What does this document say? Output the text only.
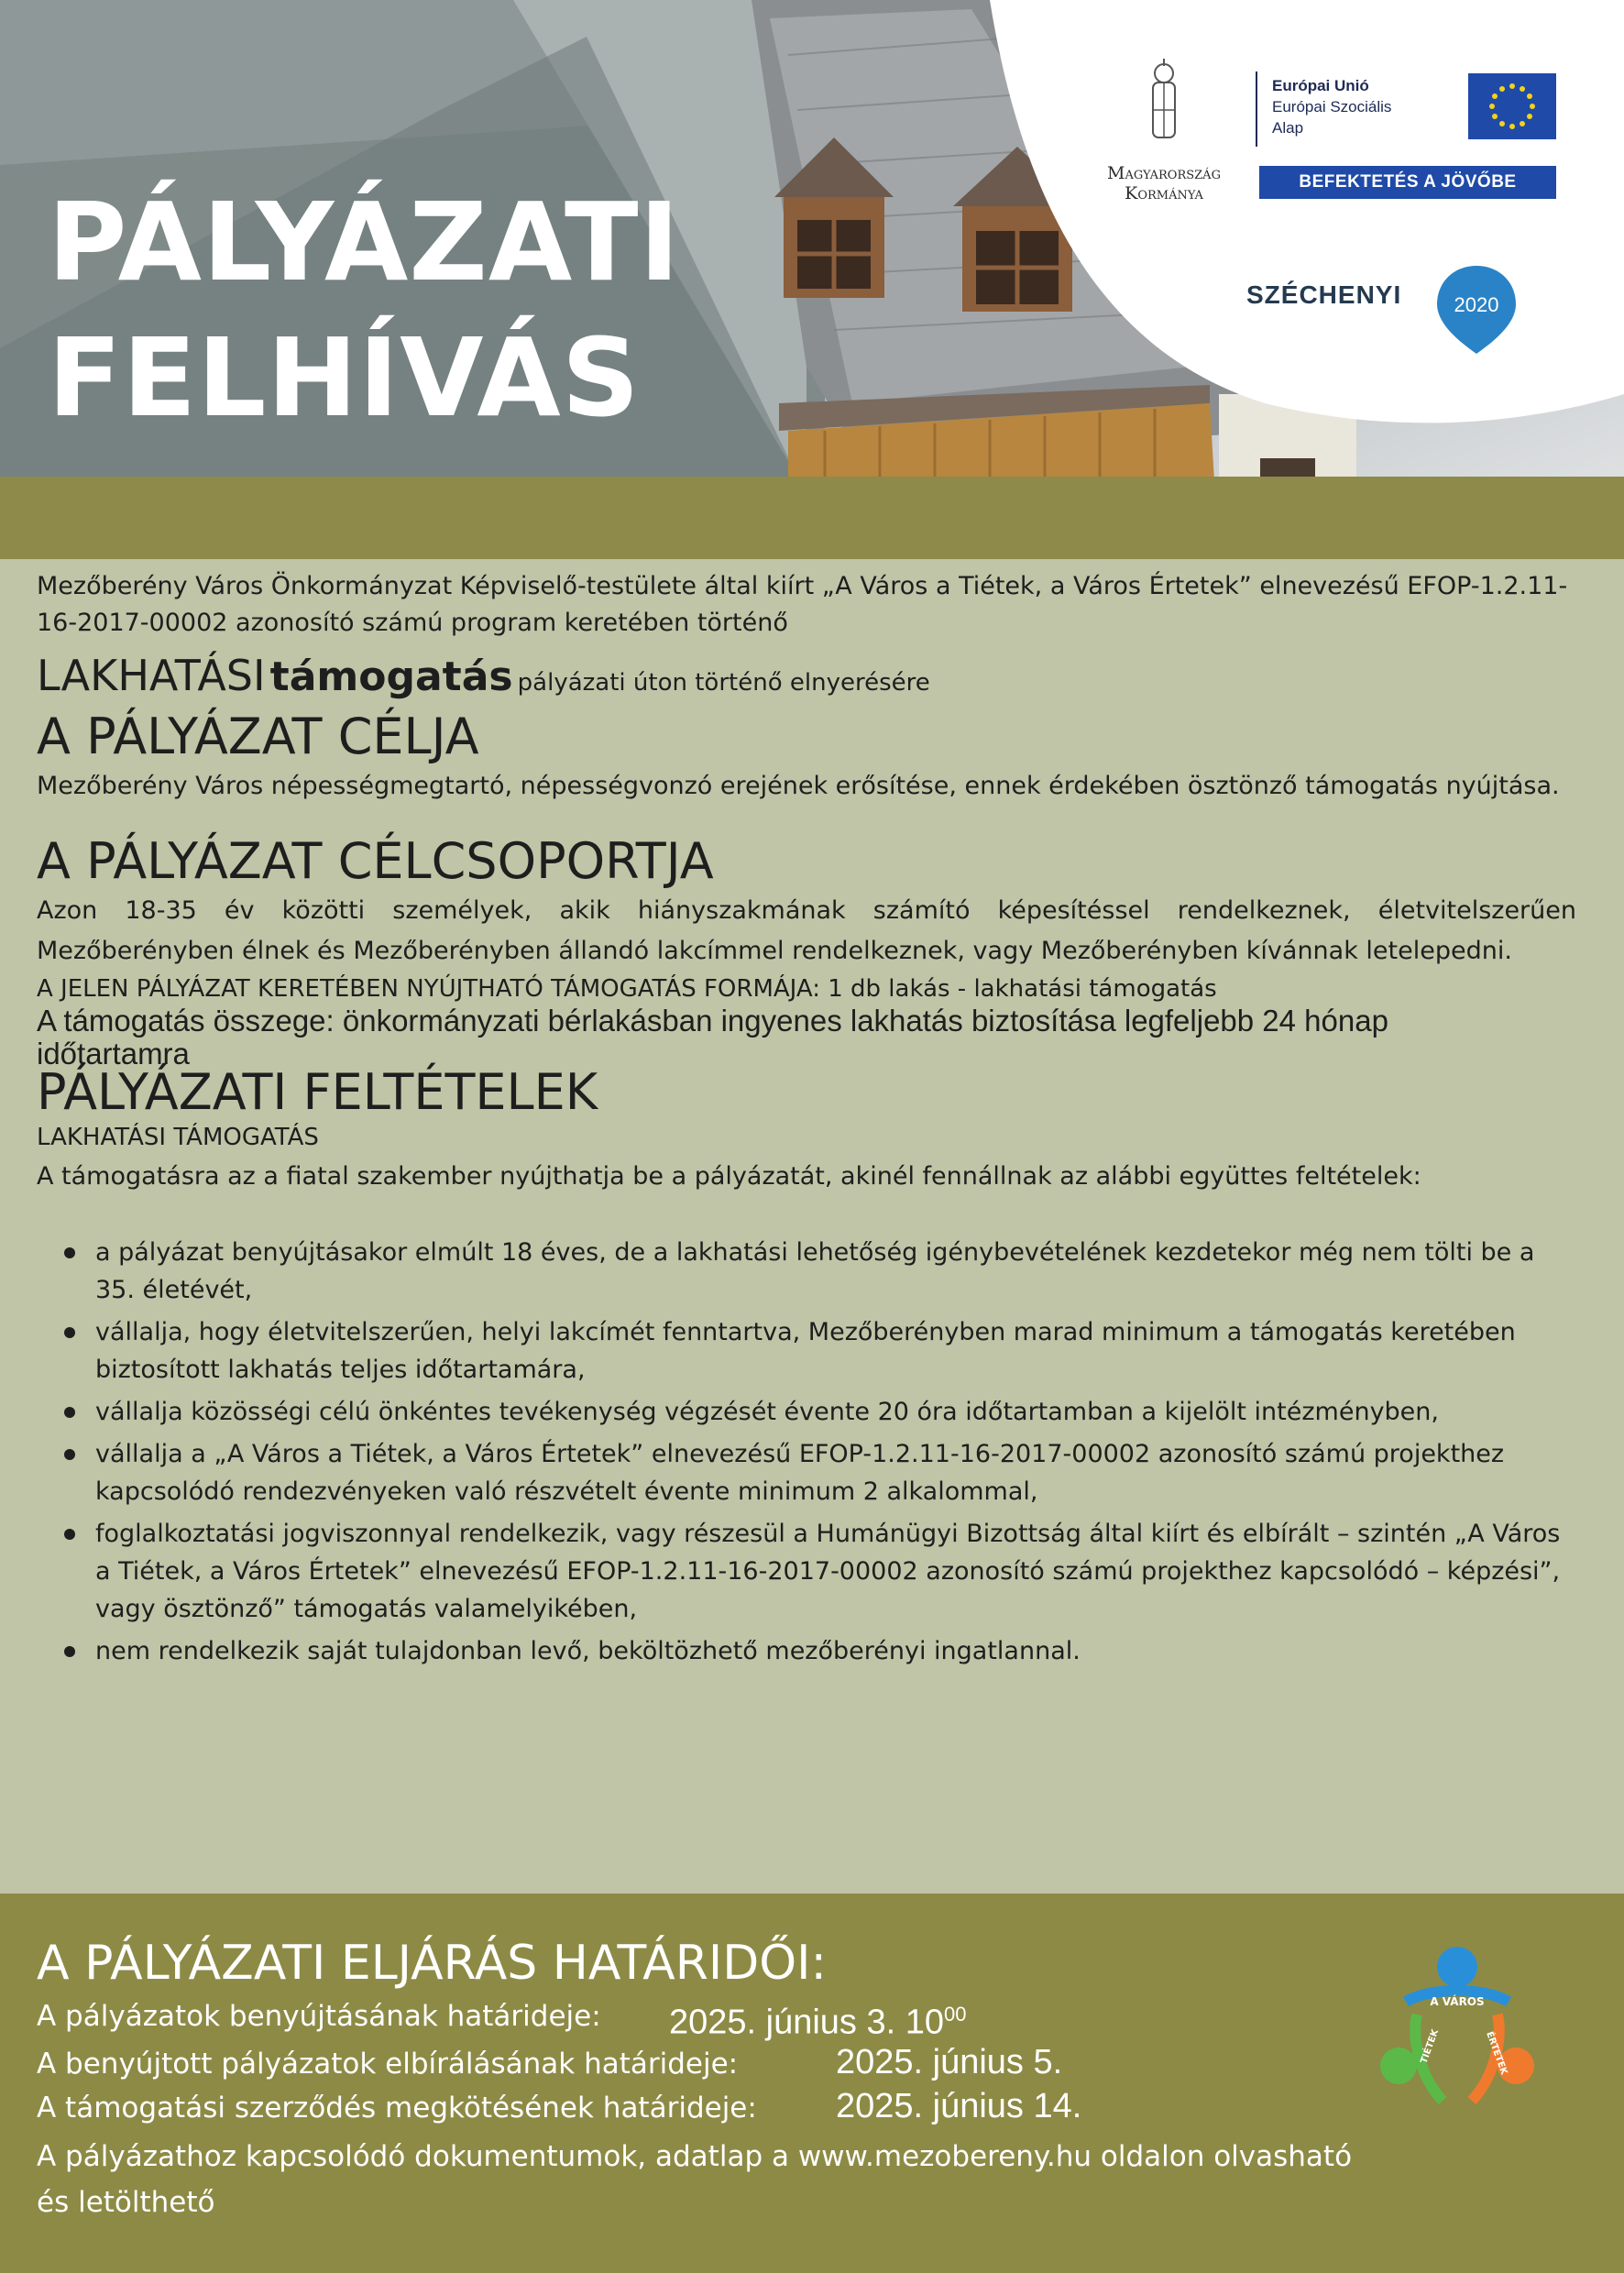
Magyarország
Kormánya
Európai Unió
Európai Szociális
Alap
BEFEKTETÉS A JÖVŐBE
SZÉCHENYI	2020
PÁLYÁZATI
FELHÍVÁS

Mezőberény Város Önkormányzat Képviselő-testülete által kiírt „A Város a Tiétek, a Város Értetek” elnevezésű EFOP-1.2.11-16-2017-00002 azonosító számú program keretében történő

LAKHATÁSI támogatás pályázati úton történő elnyerésére

A PÁLYÁZAT CÉLJA

Mezőberény Város népességmegtartó, népességvonzó erejének erősítése, ennek érdekében ösztönző támogatás nyújtása.

A PÁLYÁZAT CÉLCSOPORTJA

Azon 18-35 év közötti személyek, akik hiányszakmának számító képesítéssel rendelkeznek, életvitelszerűen Mezőberényben élnek és Mezőberényben állandó lakcímmel rendelkeznek, vagy Mezőberényben kívánnak letelepedni.

A JELEN PÁLYÁZAT KERETÉBEN NYÚJTHATÓ TÁMOGATÁS FORMÁJA: 1 db lakás - lakhatási támogatás

A támogatás összege: önkormányzati bérlakásban ingyenes lakhatás biztosítása legfeljebb 24 hónap

időtartamra

PÁLYÁZATI FELTÉTELEK

LAKHATÁSI TÁMOGATÁS

A támogatásra az a fiatal szakember nyújthatja be a pályázatát, akinél fennállnak az alábbi együttes feltételek:

a pályázat benyújtásakor elmúlt 18 éves, de a lakhatási lehetőség igénybevételének kezdetekor még nem tölti be a 35. életévét,
vállalja, hogy életvitelszerűen, helyi lakcímét fenntartva, Mezőberényben marad minimum a támogatás keretében biztosított lakhatás teljes időtartamára,
vállalja közösségi célú önkéntes tevékenység végzését évente 20 óra időtartamban a kijelölt intézményben,
vállalja a „A Város a Tiétek, a Város Értetek” elnevezésű EFOP-1.2.11-16-2017-00002 azonosító számú projekthez kapcsolódó rendezvényeken való részvételt évente minimum 2 alkalommal,
foglalkoztatási jogviszonnyal rendelkezik, vagy részesül a Humánügyi Bizottság által kiírt és elbírált – szintén „A Város a Tiétek, a Város Értetek” elnevezésű EFOP-1.2.11-16-2017-00002 azonosító számú projekthez kapcsolódó – képzési”, vagy ösztönző” támogatás valamelyikében,
nem rendelkezik saját tulajdonban levő, beköltözhető mezőberényi ingatlannal.
A PÁLYÁZATI ELJÁRÁS HATÁRIDŐI:
A pályázatok benyújtásának határideje: 2025. június 3. $10^{00}$
A benyújtott pályázatok elbírálásának határideje:	2025. június 5.
A támogatási szerződés megkötésének határideje: 2025. június 14.
A pályázathoz kapcsolódó dokumentumok, adatlap a www.mezobereny.hu oldalon olvasható és letölthető
A VÁROS
ÉRTETEK
TIÉTEK
